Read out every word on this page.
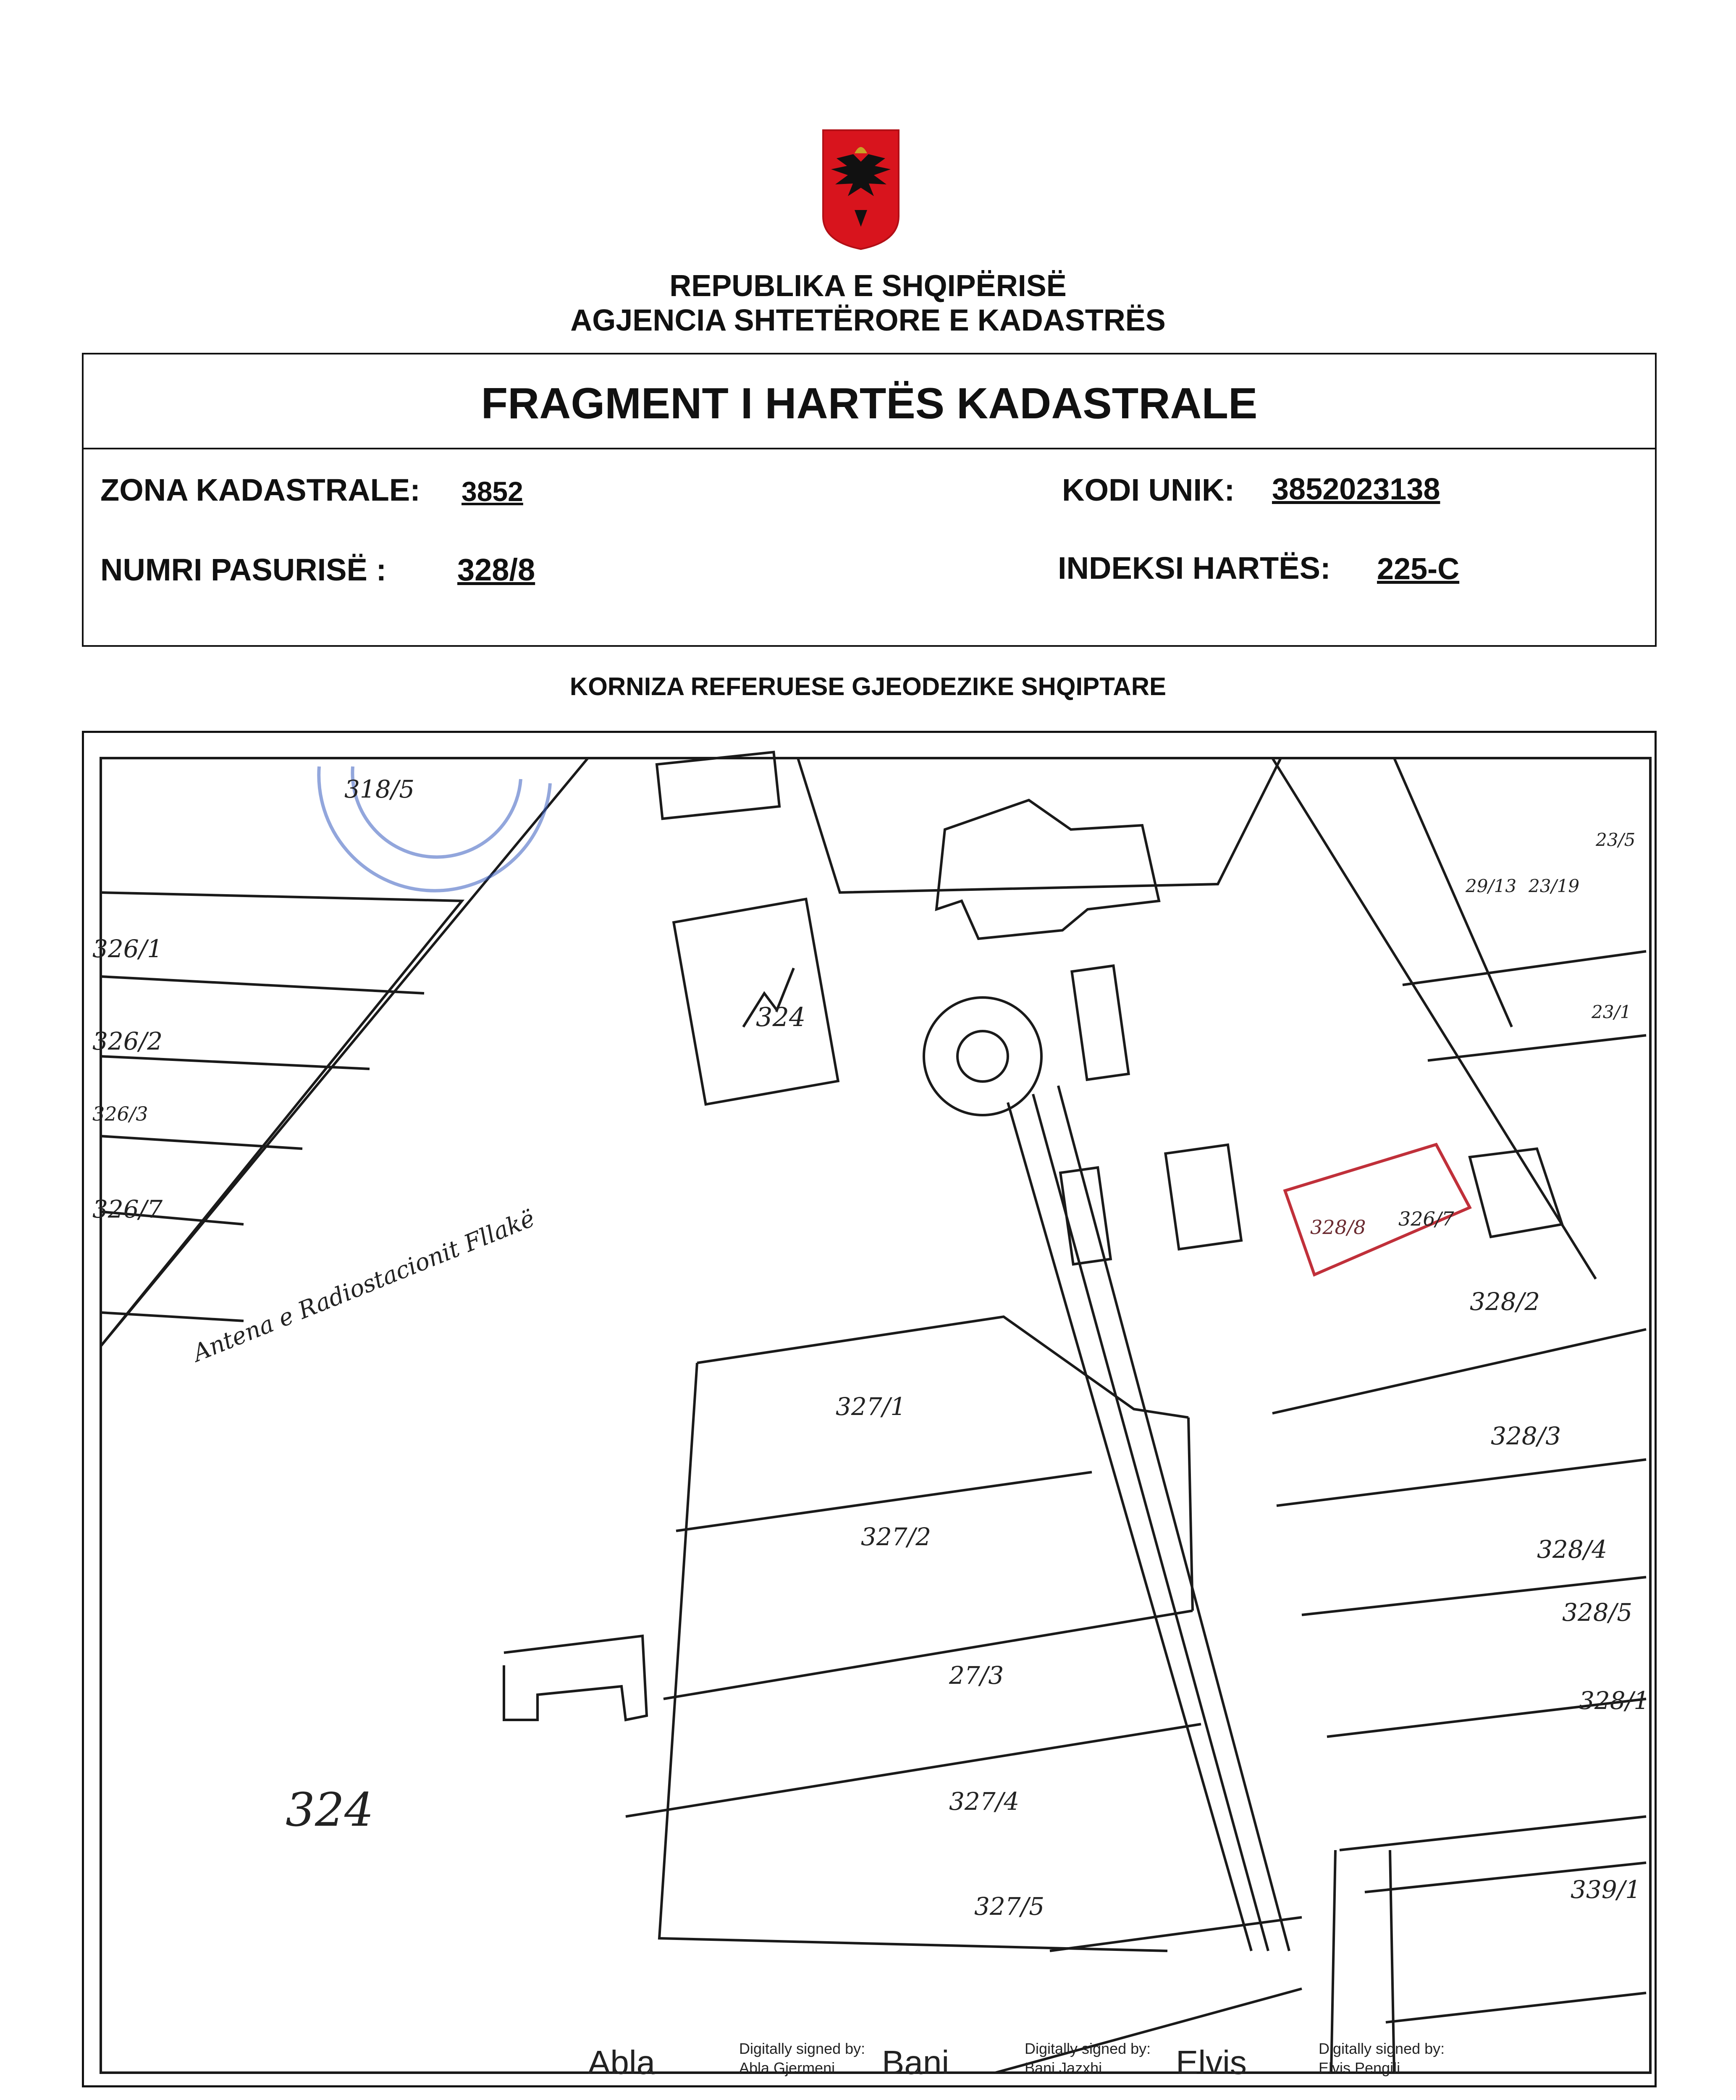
REPUBLIKA E SHQIPËRISË
AGJENCIA SHTETËRORE E KADASTRËS
FRAGMENT I HARTËS KADASTRALE
ZONA KADASTRALE: 3852	KODI UNIK: 3852023138
NUMRI PASURISË : 328/8	INDEKSI HARTËS: 225-C
KORNIZA REFERUESE GJEODEZIKE SHQIPTARE
324
324
318/5
326/1
326/2
326/3
326/7
327/1
327/2
27/3
327/4
327/5
328/8 326/7
328/2
328/3
328/4
328/5
328/1
339/1
23/5
23/1
29/13 23/19
Antena e Radiostacionit Fllakë
Abla	Digitally signed by: Abla Gjermeni	Bani	Digitally signed by: Bani Jazxhi	Elvis	Digitally signed by: Elvis Pengili
